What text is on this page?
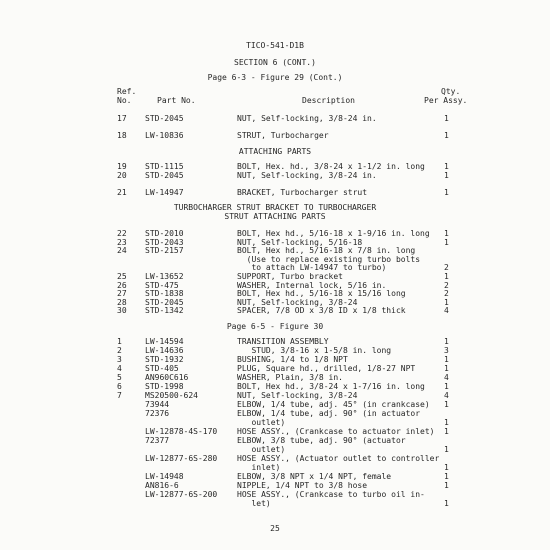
TICO-541-D1B
SECTION 6 (CONT.)
Page 6-3 - Figure 29 (Cont.)
Ref.
No.	Part No.	Description
Qty.
Per Assy.
17 STD-2045	NUT, Self-locking, 3/8-24 in.	1
18 LW-10836	STRUT, Turbocharger	1
ATTACHING PARTS
19 STD-1115	BOLT, Hex. hd., 3/8-24 x 1-1/2 in. long 1
20 STD-2045	NUT, Self-locking, 3/8-24 in.	1
21 LW-14947	BRACKET, Turbocharger strut	1
TURBOCHARGER STRUT BRACKET TO TURBOCHARGER
STRUT ATTACHING PARTS
22 STD-2010	BOLT, Hex hd., 5/16-18 x 1-9/16 in. long 1
23 STD-2043	NUT, Self-locking, 5/16-18	1
24 STD-2157	BOLT, Hex hd., 5/16-18 x 7/8 in. long
(Use to replace existing turbo bolts
to attach LW-14947 to turbo)	2
25 LW-13652	SUPPORT, Turbo bracket	1
26 STD-475	WASHER, Internal lock, 5/16 in.	2
27 STD-1838	BOLT, Hex hd., 5/16-18 x 15/16 long	2
28 STD-2045	NUT, Self-locking, 3/8-24	1
30 STD-1342	SPACER, 7/8 OD x 3/8 ID x 1/8 thick	4
Page 6-5 - Figure 30
1	LW-14594	TRANSITION ASSEMBLY	1
2	LW-14636	STUD, 3/8-16 x 1-5/8 in. long	3
3	STD-1932	BUSHING, 1/4 to 1/8 NPT	1
4	STD-405	PLUG, Square hd., drilled, 1/8-27 NPT	1
5	AN960C616	WASHER, Plain, 3/8 in.	4
6	STD-1998	BOLT, Hex hd., 3/8-24 x 1-7/16 in. long 1
7	MS20500-624	NUT, Self-locking, 3/8-24	4
73944	ELBOW, 1/4 tube, adj. 45° (in crankcase) 1
72376	ELBOW, 1/4 tube, adj. 90° (in actuator
outlet)	1
LW-12878-4S-170 HOSE ASSY., (Crankcase to actuator inlet) 1
72377	ELBOW, 3/8 tube, adj. 90° (actuator
outlet)	1
LW-12877-6S-280 HOSE ASSY., (Actuator outlet to controller
inlet)	1
LW-14948	ELBOW, 3/8 NPT x 1/4 NPT, female	1
AN816-6	NIPPLE, 1/4 NPT to 3/8 hose	1
LW-12877-6S-200 HOSE ASSY., (Crankcase to turbo oil in-
let)	1
25
